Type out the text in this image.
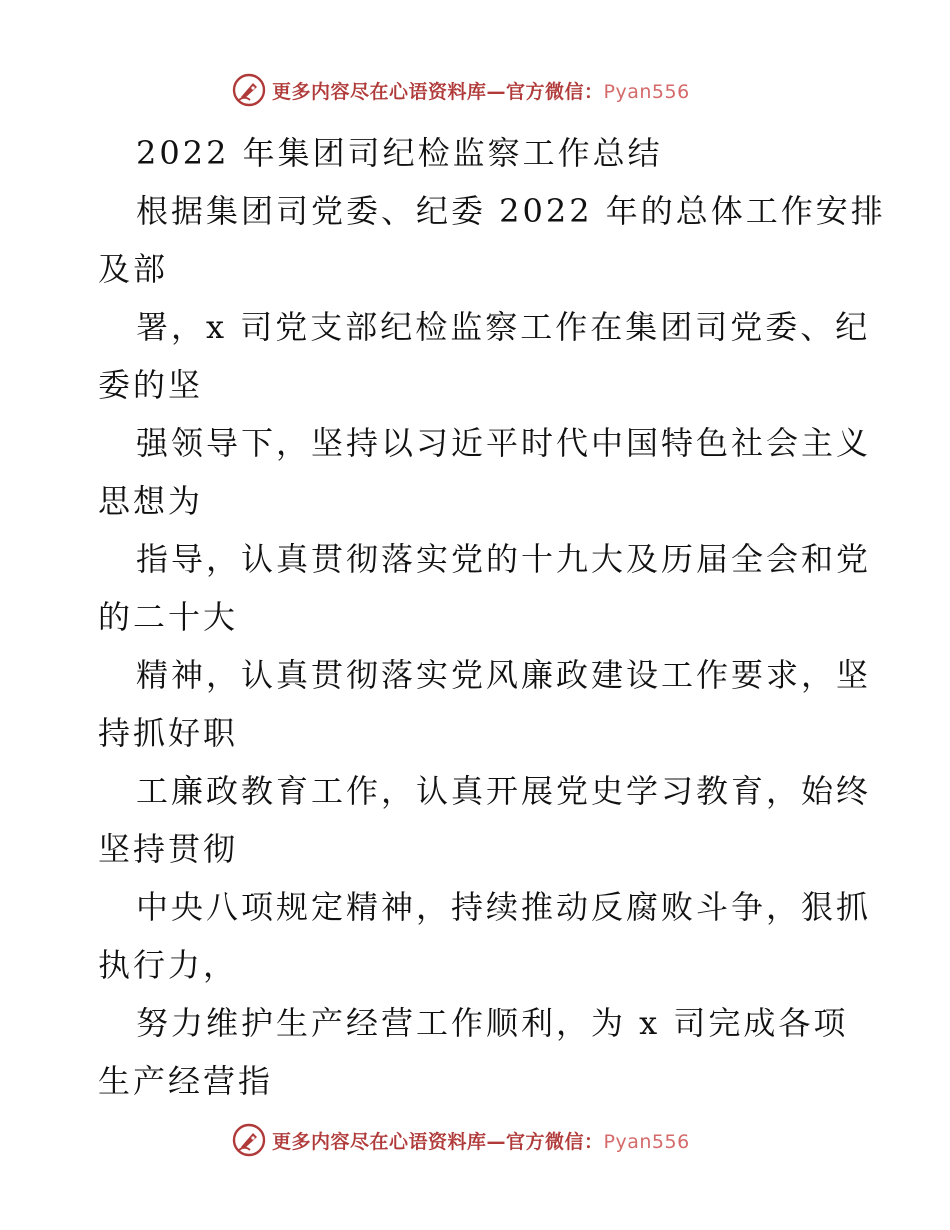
更多内容尽在心语资料库—官方微信：Pyan556
2022 年集团司纪检监察工作总结
根据集团司党委、纪委 2022 年的总体工作安排
及部
署，x 司党支部纪检监察工作在集团司党委、纪
委的坚
强领导下，坚持以习近平时代中国特色社会主义
思想为
指导，认真贯彻落实党的十九大及历届全会和党
的二十大
精神，认真贯彻落实党风廉政建设工作要求，坚
持抓好职
工廉政教育工作，认真开展党史学习教育，始终
坚持贯彻
中央八项规定精神，持续推动反腐败斗争，狠抓
执行力，
努力维护生产经营工作顺利，为 x 司完成各项
生产经营指
更多内容尽在心语资料库—官方微信：Pyan556
